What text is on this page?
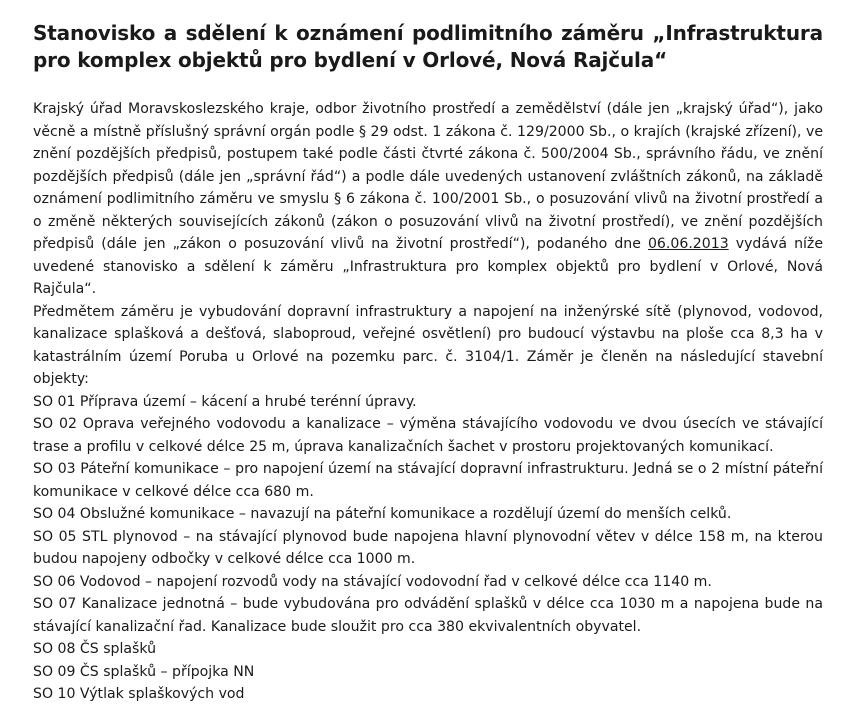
Stanovisko a sdělení k oznámení podlimitního záměru „Infrastruktura pro komplex objektů pro bydlení v Orlové, Nová Rajčula“

Krajský úřad Moravskoslezského kraje, odbor životního prostředí a zemědělství (dále jen „krajský úřad“), jako věcně a místně příslušný správní orgán podle § 29 odst. 1 zákona č. 129/2000 Sb., o krajích (krajské zřízení), ve znění pozdějších předpisů, postupem také podle části čtvrté zákona č. 500/2004 Sb., správního řádu, ve znění pozdějších předpisů (dále jen „správní řád“) a podle dále uvedených ustanovení zvláštních zákonů, na základě oznámení podlimitního záměru ve smyslu § 6 zákona č. 100/2001 Sb., o posuzování vlivů na životní prostředí a o změně některých souvisejících zákonů (zákon o posuzování vlivů na životní prostředí), ve znění pozdějších předpisů (dále jen „zákon o posuzování vlivů na životní prostředí“), podaného dne 06.06.2013 vydává níže uvedené stanovisko a sdělení k záměru „Infrastruktura pro komplex objektů pro bydlení v Orlové, Nová Rajčula“.

Předmětem záměru je vybudování dopravní infrastruktury a napojení na inženýrské sítě (plynovod, vodovod, kanalizace splašková a dešťová, slaboproud, veřejné osvětlení) pro budoucí výstavbu na ploše cca 8,3 ha v katastrálním území Poruba u Orlové na pozemku parc. č. 3104/1. Záměr je členěn na následující stavební objekty:

SO 01 Příprava území – kácení a hrubé terénní úpravy.
SO 02 Oprava veřejného vodovodu a kanalizace – výměna stávajícího vodovodu ve dvou úsecích ve stávající trase a profilu v celkové délce 25 m, úprava kanalizačních šachet v prostoru projektovaných komunikací.
SO 03 Páteřní komunikace – pro napojení území na stávající dopravní infrastrukturu. Jedná se o 2 místní páteřní komunikace v celkové délce cca 680 m.
SO 04 Obslužné komunikace – navazují na páteřní komunikace a rozdělují území do menších celků.
SO 05 STL plynovod – na stávající plynovod bude napojena hlavní plynovodní větev v délce 158 m, na kterou budou napojeny odbočky v celkové délce cca 1000 m.
SO 06 Vodovod – napojení rozvodů vody na stávající vodovodní řad v celkové délce cca 1140 m.
SO 07 Kanalizace jednotná – bude vybudována pro odvádění splašků v délce cca 1030 m a napojena bude na stávající kanalizační řad. Kanalizace bude sloužit pro cca 380 ekvivalentních obyvatel.
SO 08 ČS splašků
SO 09 ČS splašků – přípojka NN
SO 10 Výtlak splaškových vod
